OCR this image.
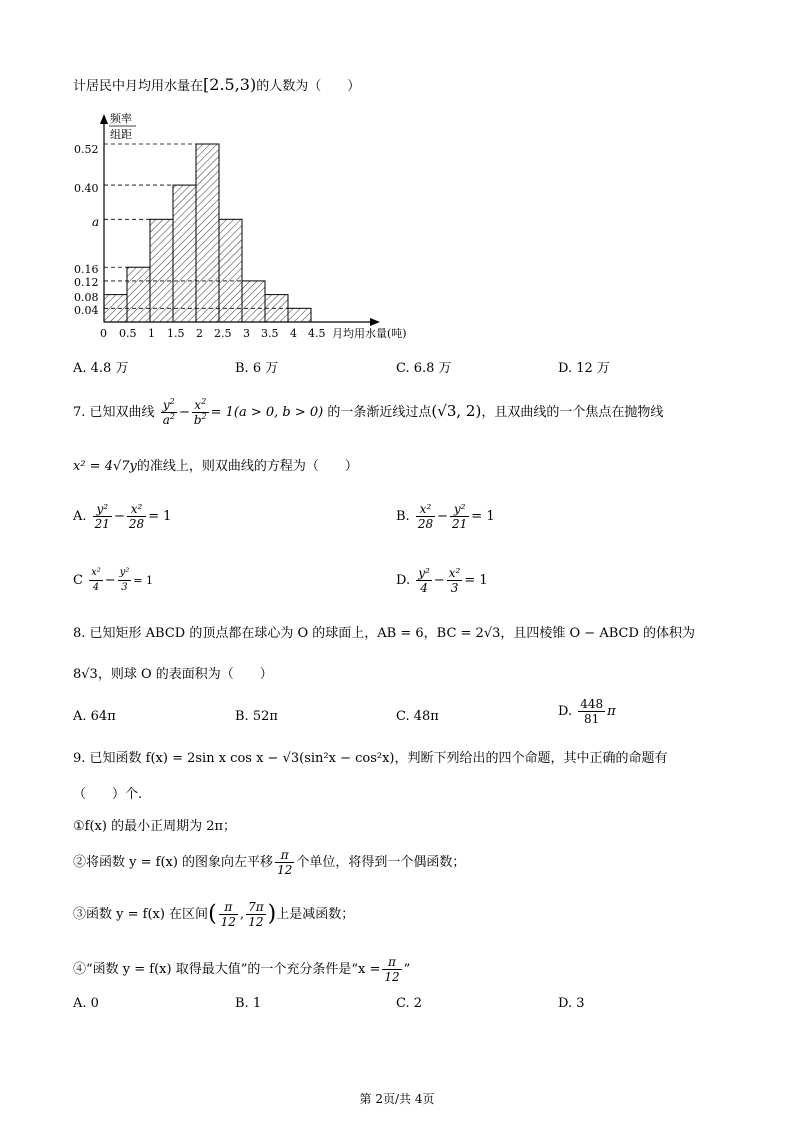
计居民中月均用水量在[2.5,3)的人数为（　　）
频率
组距
0.52
0.40
a
0.16
0.12
0.08
0.04
0 0.5 1 1.5 2 2.5 3 3.5 4 4.5 月均用水量(吨)
A. 4.8 万	B. 6 万	C. 6.8 万	D. 12 万
7. 已知双曲线 $\frac{y^2}{a^2} - \frac{x^2}{b^2} = 1(a > 0$, b > 0) 的一条渐近线过点(√3, 2)，且双曲线的一个焦点在抛物线
x² = 4√7y的准线上，则双曲线的方程为（　　）
A. $\frac{\text{y²}}{21} - \frac{\text{x²}}{28} = 1$	B. $\frac{\text{x²}}{28} - \frac{\text{y²}}{21} = 1$
C $\frac{\text{x²}}{4} - \frac{\text{y²}}{3} = 1$	D. $\frac{\text{y²}}{4} - \frac{\text{x²}}{3} = 1$
8. 已知矩形 ABCD 的顶点都在球心为 O 的球面上，AB = 6，BC = 2√3，且四棱锥 O − ABCD 的体积为
8√3，则球 O 的表面积为（　　）
A. 64π	B. 52π	C. 48π	D. $\frac{448}{81}$ π
9. 已知函数 f(x) = 2sin x cos x − √3(sin²x − cos²x)，判断下列给出的四个命题，其中正确的命题有
（　　）个.
①f(x) 的最小正周期为 2π；
②将函数 y = f(x) 的图象向左平移 $\frac{\pi}{12}$ 个单位，将得到一个偶函数；
③函数 y = f(x) 在区间( $\frac{\pi}{12}$ , $\frac{7\pi}{12}$ )上是减函数；
④“函数 y = f(x) 取得最大值”的一个充分条件是“$x = \frac{\pi}{12}$ ”
A. 0	B. 1	C. 2	D. 3
第 2页/共 4页
